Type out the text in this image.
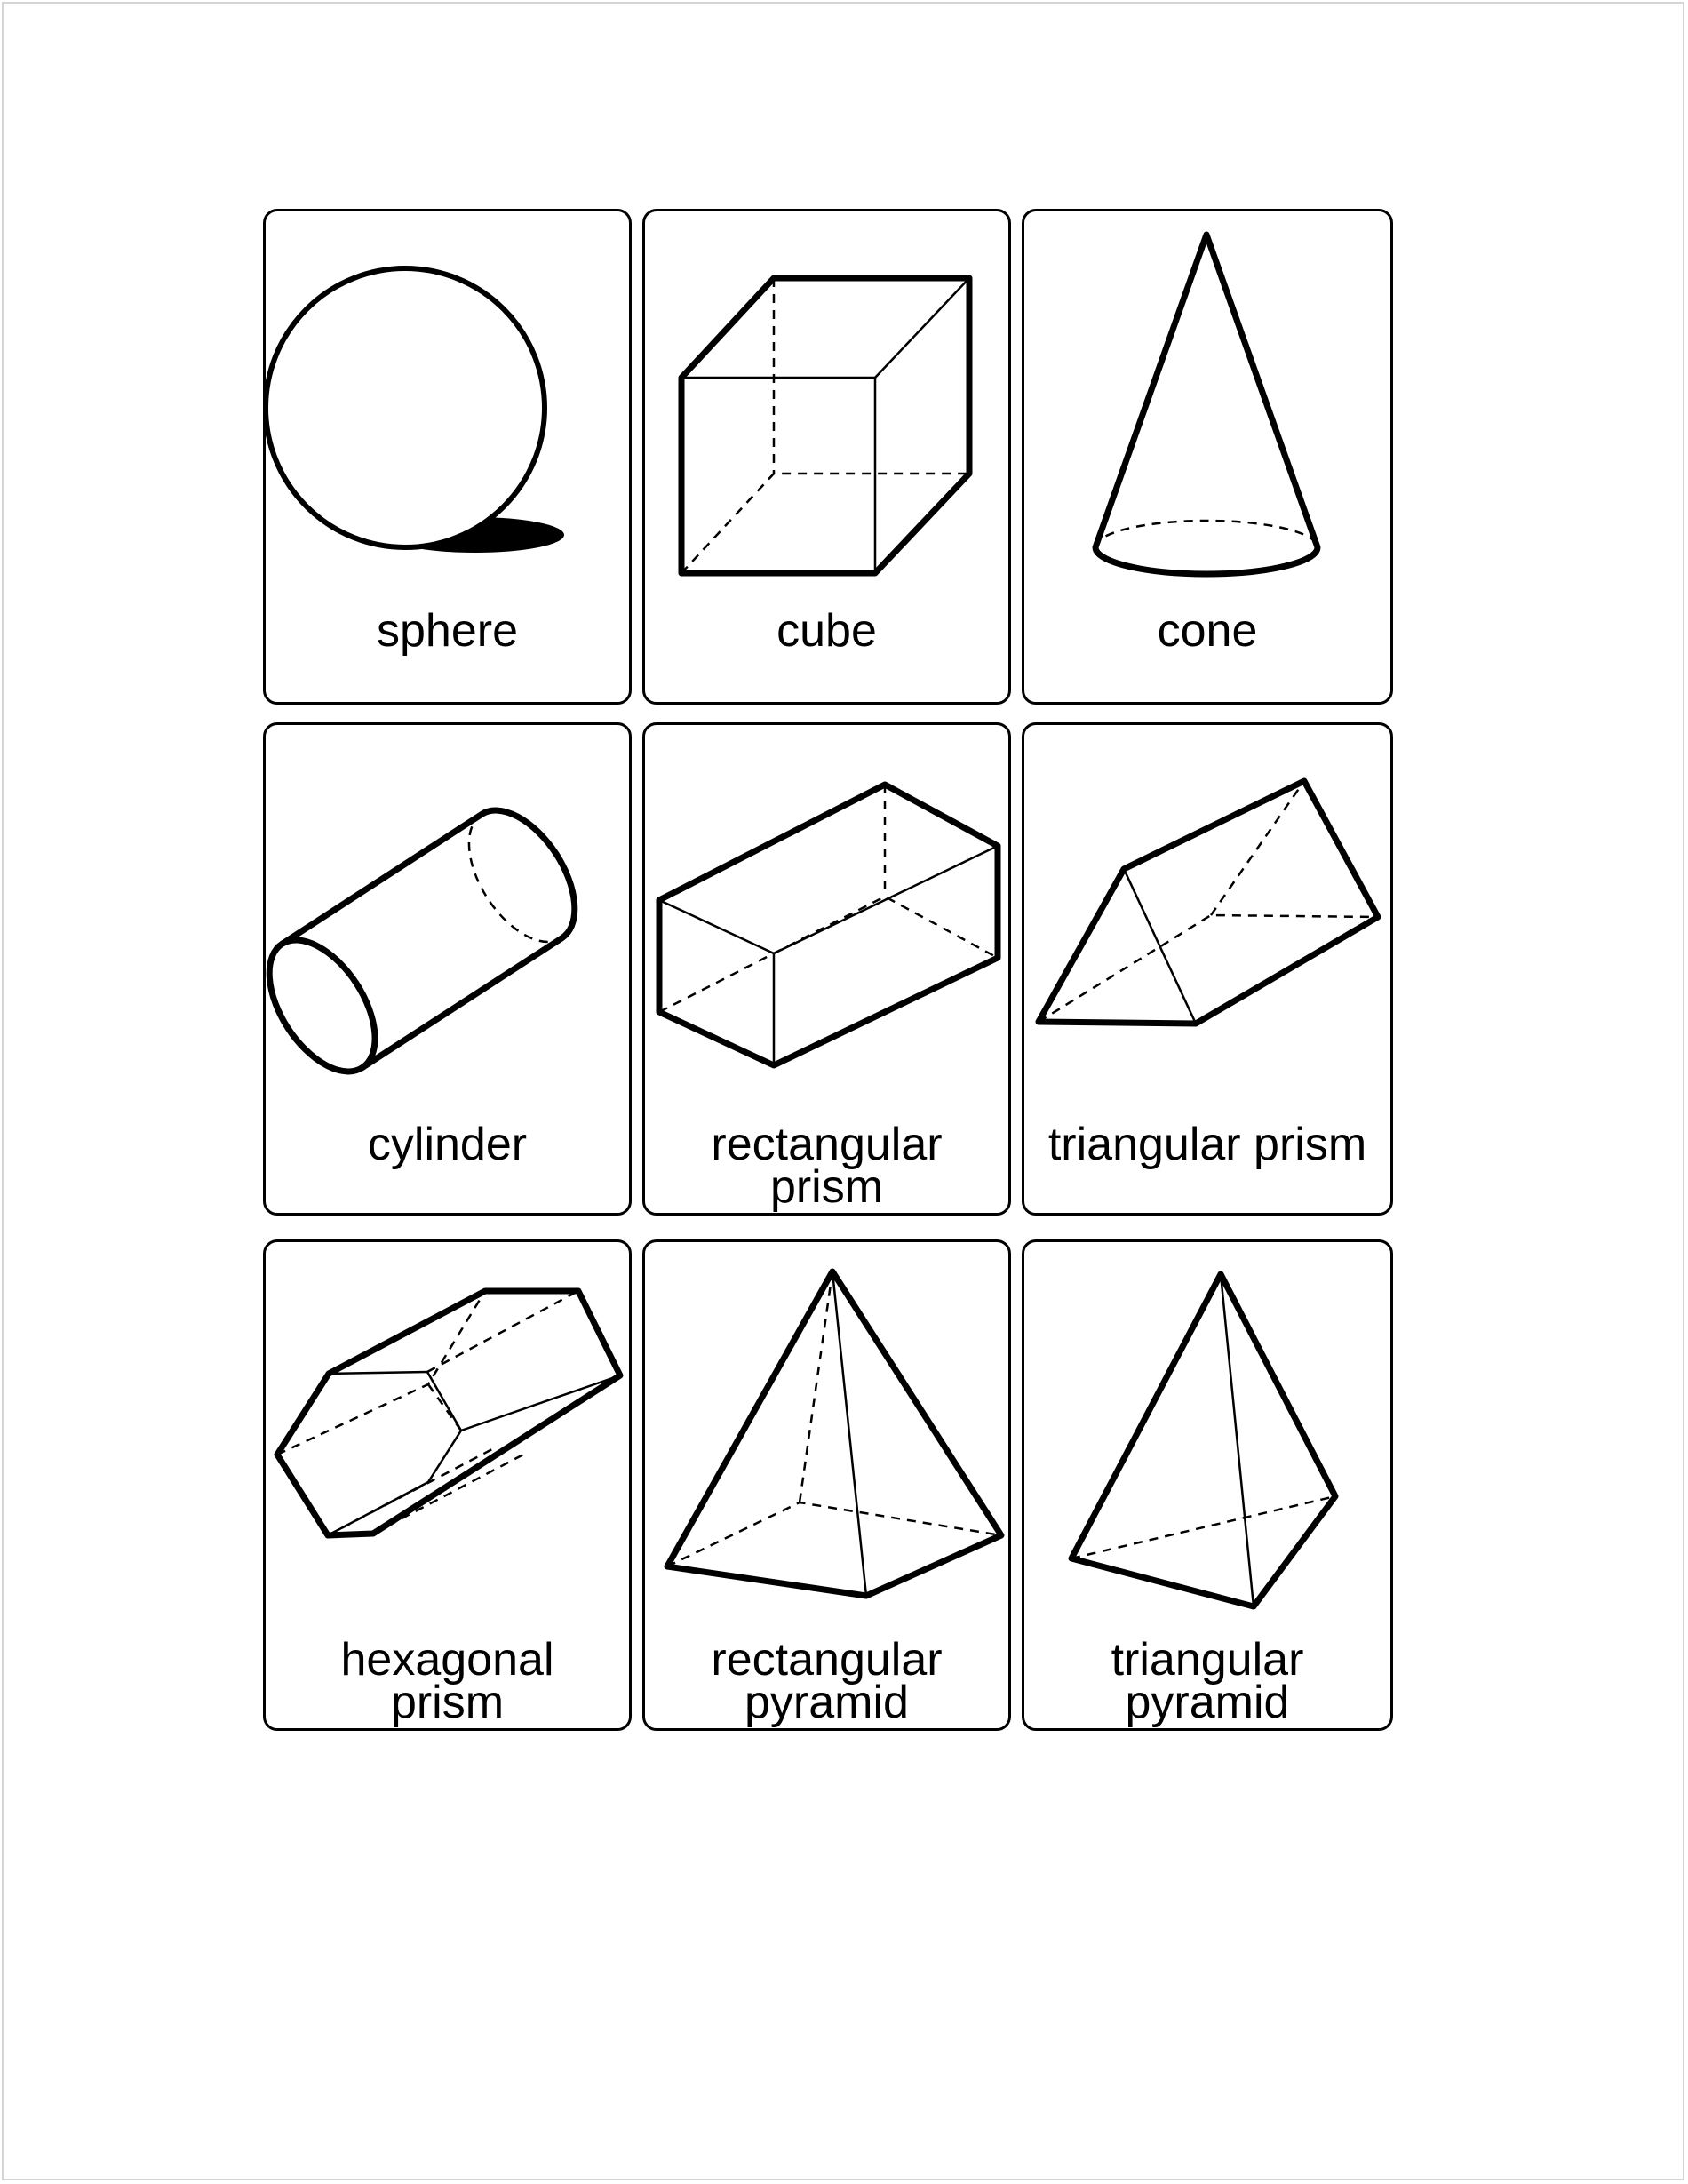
sphere	cube	cone
cylinder	rectangular
prism
triangular prism
hexagonal
prism
rectangular
pyramid
triangular
pyramid
